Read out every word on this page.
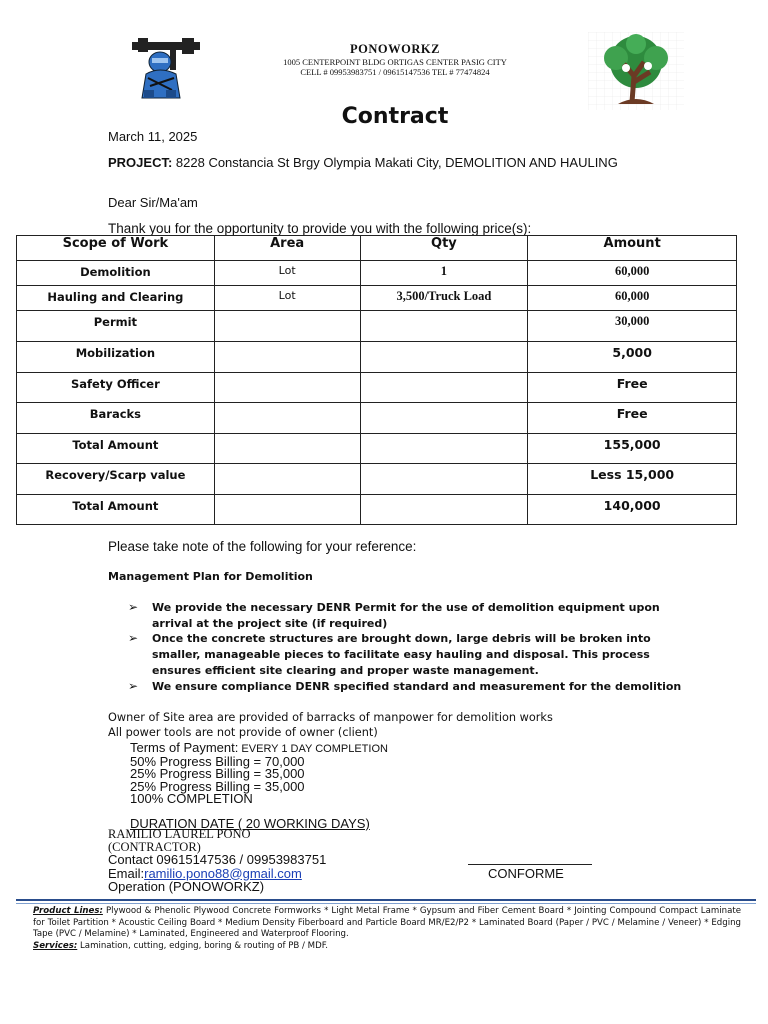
PONOWORKZ
1005 CENTERPOINT BLDG ORTIGAS CENTER PASIG CITY
CELL # 09953983751 / 09615147536 TEL # 77474824
Contract
March 11, 2025
PROJECT: 8228 Constancia St Brgy Olympia Makati City, DEMOLITION AND HAULING
Dear Sir/Ma'am
Thank you for the opportunity to provide you with the following price(s):
Scope of Work	Area	Qty	Amount
Demolition	Lot	1	60,000
Hauling and Clearing	Lot	3,500/Truck Load	60,000
Permit			30,000
Mobilization			5,000
Safety Officer			Free
Baracks			Free
Total Amount			155,000
Recovery/Scarp value			Less 15,000
Total Amount			140,000
Please take note of the following for your reference:
Management Plan for Demolition
➢ We provide the necessary DENR Permit for the use of demolition equipment upon arrival at the project site (if required)
➢ Once the concrete structures are brought down, large debris will be broken into smaller, manageable pieces to facilitate easy hauling and disposal. This process ensures efficient site clearing and proper waste management.
➢ We ensure compliance DENR specified standard and measurement for the demolition
Owner of Site area are provided of barracks of manpower for demolition works
All power tools are not provide of owner (client)
Terms of Payment: EVERY 1 DAY COMPLETION
50% Progress Billing = 70,000
25% Progress Billing = 35,000
25% Progress Billing = 35,000
100% COMPLETION
DURATION DATE ( 20 WORKING DAYS)
RAMILIO LAUREL PONO
(CONTRACTOR)
Contact 09615147536 / 09953983751
Email:ramilio.pono88@gmail.com
Operation (PONOWORKZ)
CONFORME
Product Lines: Plywood & Phenolic Plywood Concrete Formworks * Light Metal Frame * Gypsum and Fiber Cement Board * Jointing Compound Compact Laminate for Toilet Partition * Acoustic Ceiling Board * Medium Density Fiberboard and Particle Board MR/E2/P2 * Laminated Board (Paper / PVC / Melamine / Veneer) * Edging Tape (PVC / Melamine) * Laminated, Engineered and Waterproof Flooring.
Services: Lamination, cutting, edging, boring & routing of PB / MDF.
